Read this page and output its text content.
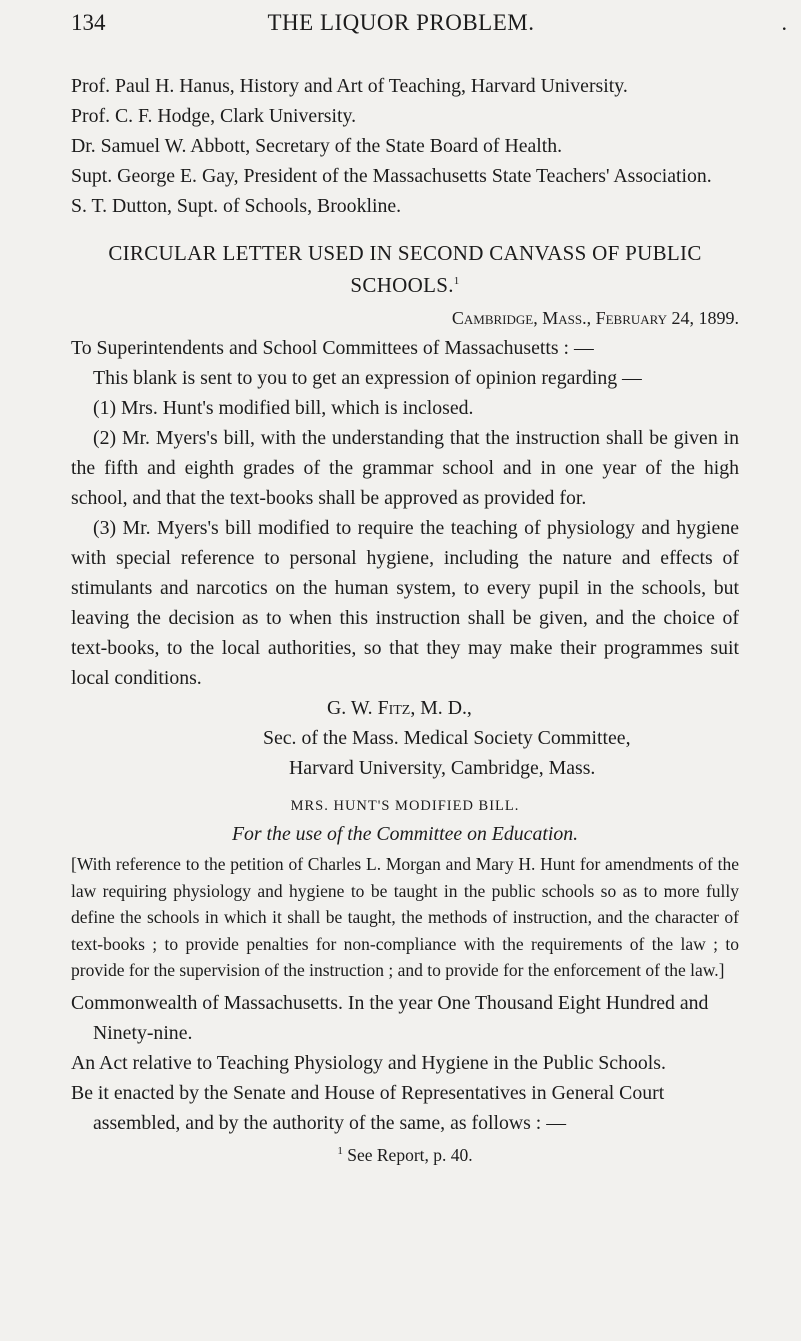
134	THE LIQUOR PROBLEM.	.

Prof. Paul H. Hanus, History and Art of Teaching, Harvard University.

Prof. C. F. Hodge, Clark University.

Dr. Samuel W. Abbott, Secretary of the State Board of Health.

Supt. George E. Gay, President of the Massachusetts State Teachers' Association.

S. T. Dutton, Supt. of Schools, Brookline.

CIRCULAR LETTER USED IN SECOND CANVASS OF PUBLIC SCHOOLS.$^1$

Cambridge, Mass., February 24, 1899.

To Superintendents and School Committees of Massachusetts : —

This blank is sent to you to get an expression of opinion regarding —

(1) Mrs. Hunt's modified bill, which is inclosed.

(2) Mr. Myers's bill, with the understanding that the instruction shall be given in the fifth and eighth grades of the grammar school and in one year of the high school, and that the text-books shall be approved as provided for.

(3) Mr. Myers's bill modified to require the teaching of physiology and hygiene with special reference to personal hygiene, including the nature and effects of stimulants and narcotics on the human system, to every pupil in the schools, but leaving the decision as to when this instruction shall be given, and the choice of text-books, to the local authorities, so that they may make their programmes suit local conditions.

G. W. Fitz, M. D.,

Sec. of the Mass. Medical Society Committee,

Harvard University, Cambridge, Mass.

MRS. HUNT'S MODIFIED BILL.

For the use of the Committee on Education.

[With reference to the petition of Charles L. Morgan and Mary H. Hunt for amendments of the law requiring physiology and hygiene to be taught in the public schools so as to more fully define the schools in which it shall be taught, the methods of instruction, and the character of text-books ; to provide penalties for non-compliance with the requirements of the law ; to provide for the supervision of the instruction ; and to provide for the enforcement of the law.]

Commonwealth of Massachusetts. In the year One Thousand Eight Hundred and Ninety-nine.

An Act relative to Teaching Physiology and Hygiene in the Public Schools.

Be it enacted by the Senate and House of Representatives in General Court assembled, and by the authority of the same, as follows : —

$^1$ See Report, p. 40.
